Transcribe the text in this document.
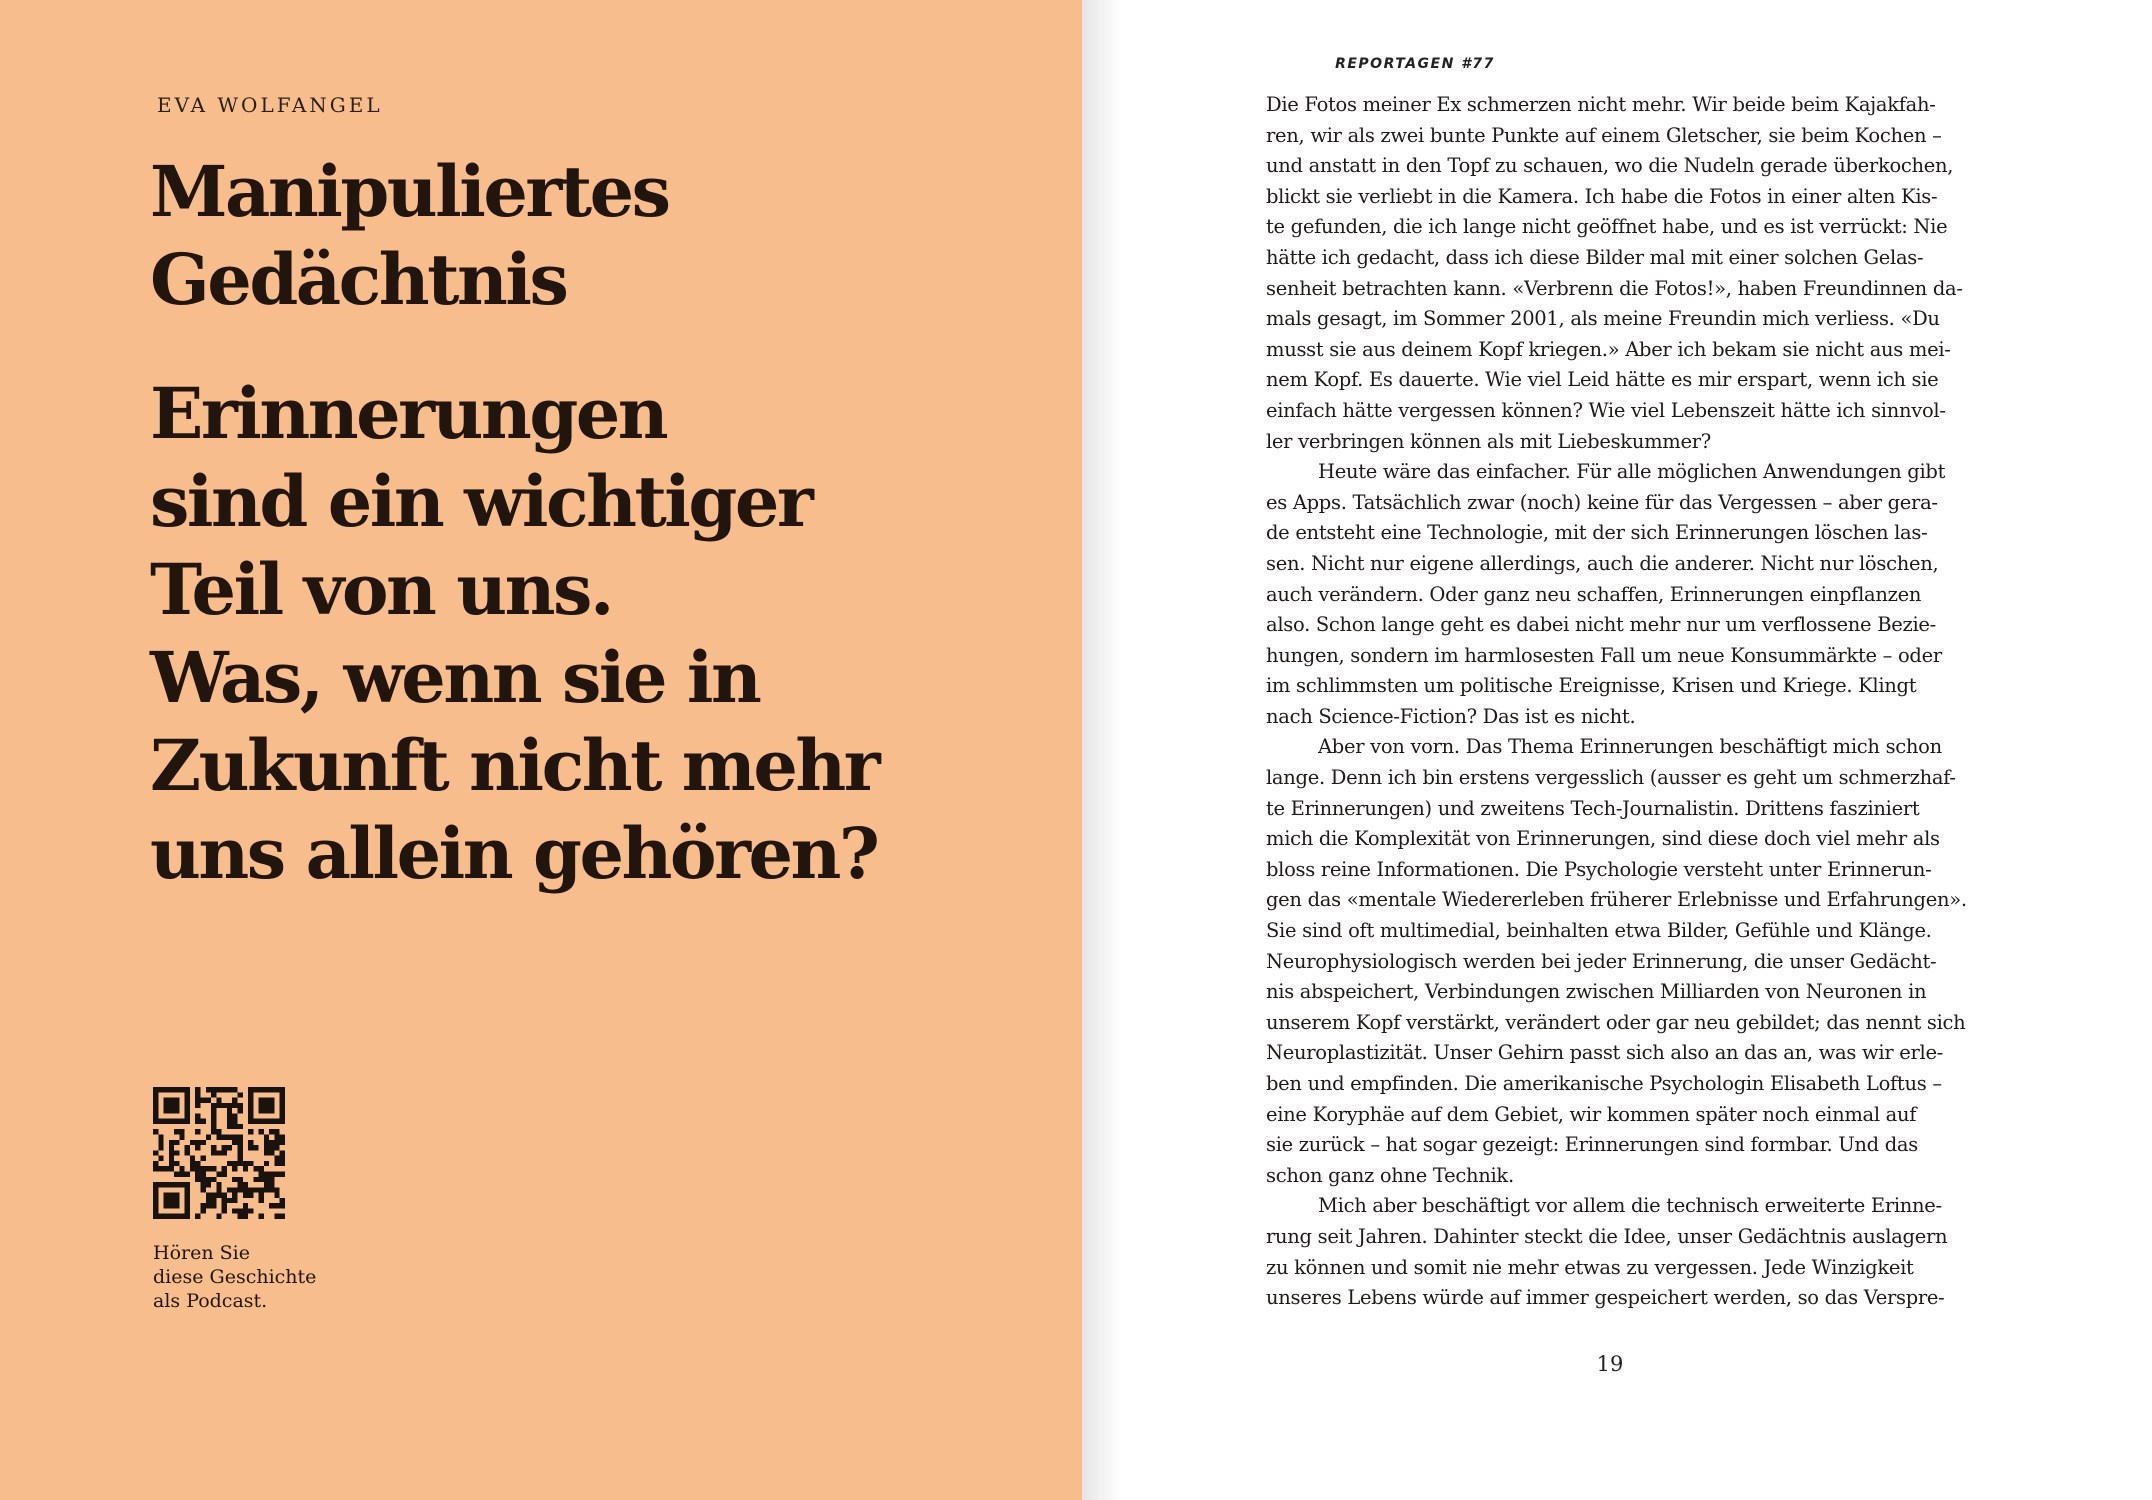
EVA WOLFANGEL
Manipuliertes
Gedächtnis
Erinnerungen
sind ein wichtiger
Teil von uns.
Was, wenn sie in
Zukunft nicht mehr
uns allein gehören?
Hören Sie
diese Geschichte
als Podcast.
REPORTAGEN #77
Die Fotos meiner Ex schmerzen nicht mehr. Wir beide beim Kajakfah-
ren, wir als zwei bunte Punkte auf einem Gletscher, sie beim Kochen –
und anstatt in den Topf zu schauen, wo die Nudeln gerade überkochen,
blickt sie verliebt in die Kamera. Ich habe die Fotos in einer alten Kis-
te gefunden, die ich lange nicht geöffnet habe, und es ist verrückt: Nie
hätte ich gedacht, dass ich diese Bilder mal mit einer solchen Gelas-
senheit betrachten kann. «Verbrenn die Fotos!», haben Freundinnen da-
mals gesagt, im Sommer 2001, als meine Freundin mich verliess. «Du
musst sie aus deinem Kopf kriegen.» Aber ich bekam sie nicht aus mei-
nem Kopf. Es dauerte. Wie viel Leid hätte es mir erspart, wenn ich sie
einfach hätte vergessen können? Wie viel Lebenszeit hätte ich sinnvol-
ler verbringen können als mit Liebeskummer?
Heute wäre das einfacher. Für alle möglichen Anwendungen gibt
es Apps. Tatsächlich zwar (noch) keine für das Vergessen – aber gera-
de entsteht eine Technologie, mit der sich Erinnerungen löschen las-
sen. Nicht nur eigene allerdings, auch die anderer. Nicht nur löschen,
auch verändern. Oder ganz neu schaffen, Erinnerungen einpflanzen
also. Schon lange geht es dabei nicht mehr nur um verflossene Bezie-
hungen, sondern im harmlosesten Fall um neue Konsummärkte – oder
im schlimmsten um politische Ereignisse, Krisen und Kriege. Klingt
nach Science-Fiction? Das ist es nicht.
Aber von vorn. Das Thema Erinnerungen beschäftigt mich schon
lange. Denn ich bin erstens vergesslich (ausser es geht um schmerzhaf-
te Erinnerungen) und zweitens Tech-Journalistin. Drittens fasziniert
mich die Komplexität von Erinnerungen, sind diese doch viel mehr als
bloss reine Informationen. Die Psychologie versteht unter Erinnerun-
gen das «mentale Wiedererleben früherer Erlebnisse und Erfahrungen».
Sie sind oft multimedial, beinhalten etwa Bilder, Gefühle und Klänge.
Neurophysiologisch werden bei jeder Erinnerung, die unser Gedächt-
nis abspeichert, Verbindungen zwischen Milliarden von Neuronen in
unserem Kopf verstärkt, verändert oder gar neu gebildet; das nennt sich
Neuroplastizität. Unser Gehirn passt sich also an das an, was wir erle-
ben und empfinden. Die amerikanische Psychologin Elisabeth Loftus –
eine Koryphäe auf dem Gebiet, wir kommen später noch einmal auf
sie zurück – hat sogar gezeigt: Erinnerungen sind formbar. Und das
schon ganz ohne Technik.
Mich aber beschäftigt vor allem die technisch erweiterte Erinne-
rung seit Jahren. Dahinter steckt die Idee, unser Gedächtnis auslagern
zu können und somit nie mehr etwas zu vergessen. Jede Winzigkeit
unseres Lebens würde auf immer gespeichert werden, so das Verspre-
19
